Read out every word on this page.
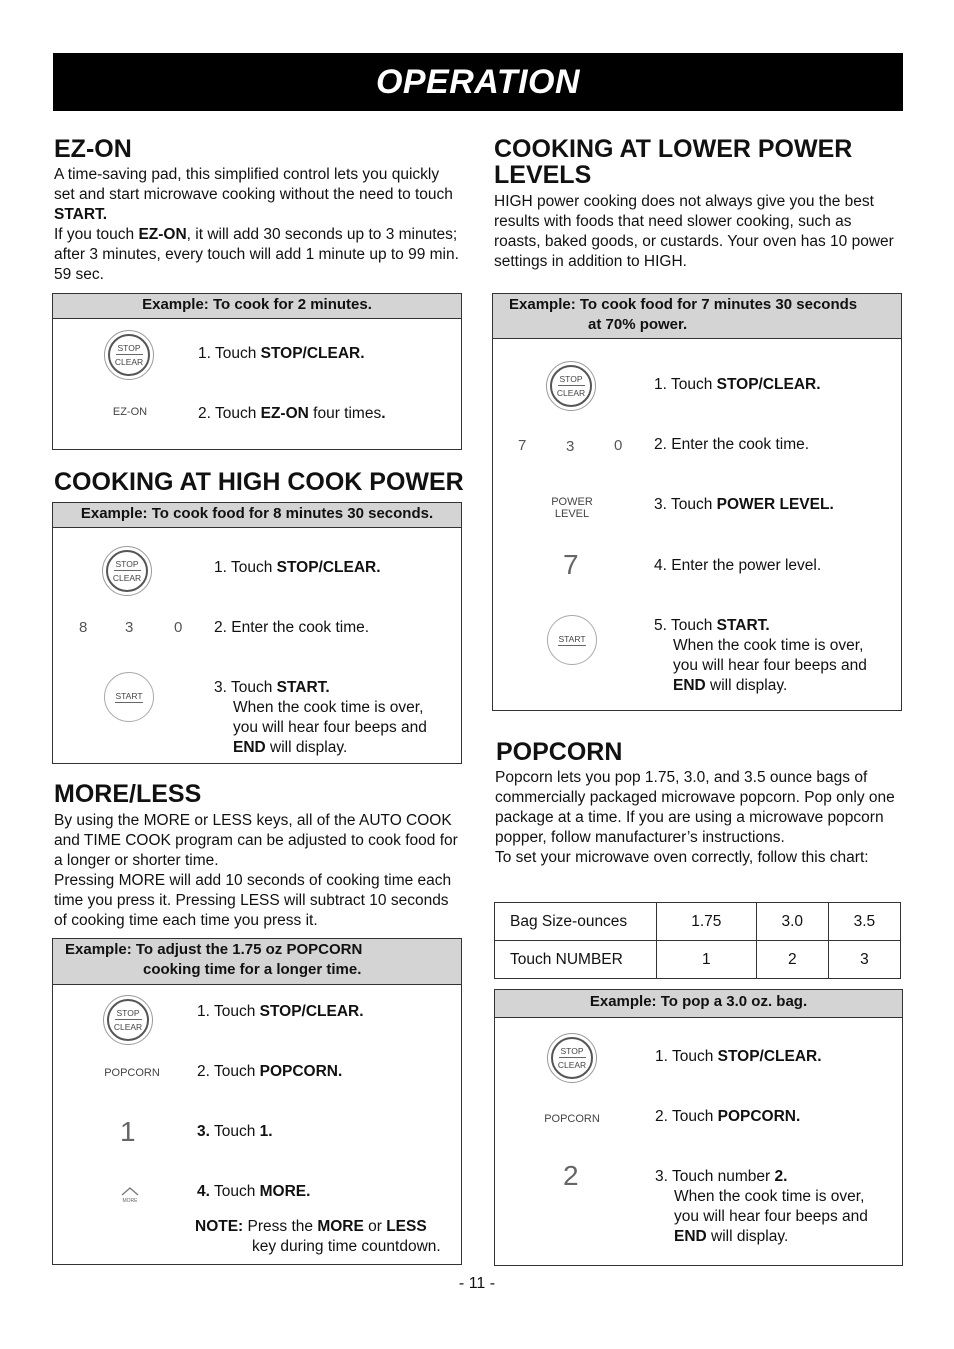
OPERATION
EZ-ON

A time-saving pad, this simplified control lets you quickly set and start microwave cooking without the need to touch START.

If you touch EZ-ON, it will add 30 seconds up to 3 minutes; after 3 minutes, every touch will add 1 minute up to 99 min. 59 sec.

Example: To cook for 2 minutes.
STOP
CLEAR
EZ-ON
1. Touch STOP/CLEAR.
2. Touch EZ-ON four times.
COOKING AT HIGH COOK POWER
Example: To cook food for 8 minutes 30 seconds.
STOP
CLEAR
8	3	0
START
1. Touch STOP/CLEAR.
2. Enter the cook time.
3. Touch START.
When the cook time is over,
you will hear four beeps and
END will display.
MORE/LESS

By using the MORE or LESS keys, all of the AUTO COOK and TIME COOK program can be adjusted to cook food for a longer or shorter time.

Pressing MORE will add 10 seconds of cooking time each time you press it. Pressing LESS will subtract 10 seconds of cooking time each time you press it.

Example: To adjust the 1.75 oz POPCORN
cooking time for a longer time.
STOP
CLEAR
POPCORN
1
MORE
1. Touch STOP/CLEAR.
2. Touch POPCORN.
3. Touch 1.
4. Touch MORE.
NOTE: Press the MORE or LESS
key during time countdown.
COOKING AT LOWER POWER
LEVELS

HIGH power cooking does not always give you the best results with foods that need slower cooking, such as roasts, baked goods, or custards. Your oven has 10 power settings in addition to HIGH.

Example: To cook food for 7 minutes 30 seconds
at 70% power.
STOP
CLEAR
7	3	0
POWER
LEVEL
7
START
1. Touch STOP/CLEAR.
2. Enter the cook time.
3. Touch POWER LEVEL.
4. Enter the power level.
5. Touch START.
When the cook time is over,
you will hear four beeps and
END will display.
POPCORN

Popcorn lets you pop 1.75, 3.0, and 3.5 ounce bags of commercially packaged microwave popcorn. Pop only one package at a time. If you are using a microwave popcorn popper, follow manufacturer’s instructions.

To set your microwave oven correctly, follow this chart:

Bag Size-ounces	1.75	3.0	3.5
Touch NUMBER	1	2	3
Example: To pop a 3.0 oz. bag.
STOP
CLEAR
POPCORN
2
1. Touch STOP/CLEAR.
2. Touch POPCORN.
3. Touch number 2.
When the cook time is over,
you will hear four beeps and
END will display.
- 11 -
